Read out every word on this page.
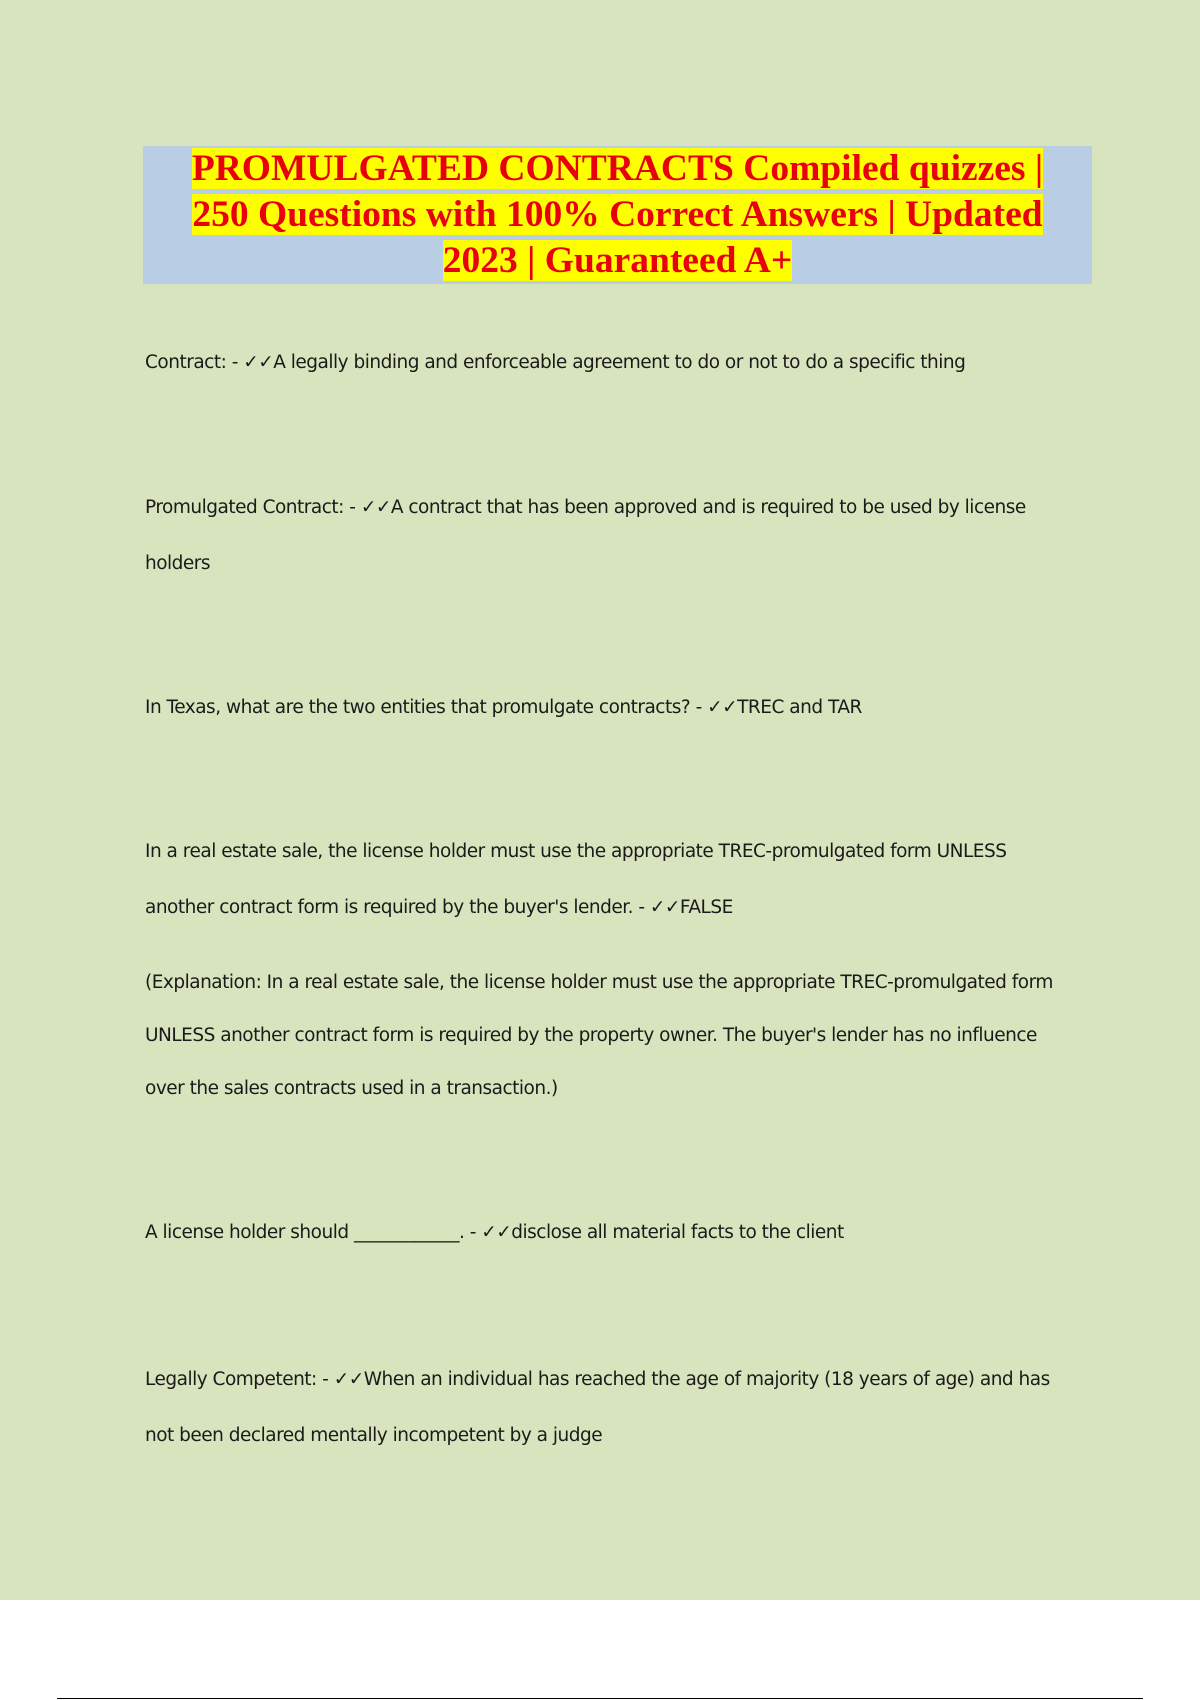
PROMULGATED CONTRACTS Compiled quizzes |
250 Questions with 100% Correct Answers | Updated
2023 | Guaranteed A+

Contract: - ✓✓A legally binding and enforceable agreement to do or not to do a specific thing

Promulgated Contract: - ✓✓A contract that has been approved and is required to be used by license holders

In Texas, what are the two entities that promulgate contracts? - ✓✓TREC and TAR

In a real estate sale, the license holder must use the appropriate TREC-promulgated form UNLESS another contract form is required by the buyer's lender. - ✓✓FALSE

(Explanation: In a real estate sale, the license holder must use the appropriate TREC-promulgated form UNLESS another contract form is required by the property owner. The buyer's lender has no influence over the sales contracts used in a transaction.)

A license holder should ____________. - ✓✓disclose all material facts to the client

Legally Competent: - ✓✓When an individual has reached the age of majority (18 years of age) and has not been declared mentally incompetent by a judge
